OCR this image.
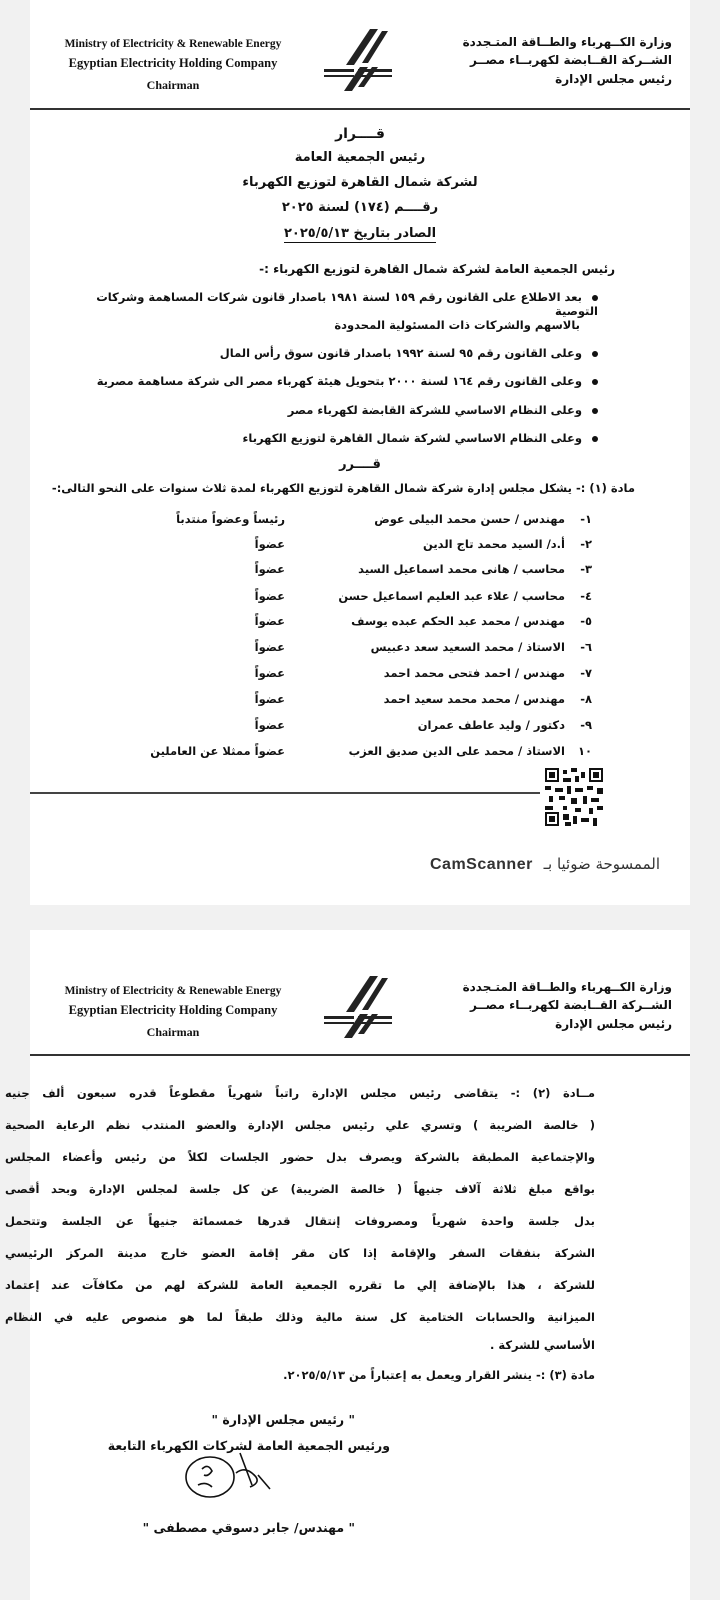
Ministry of Electricity & Renewable Energy
Egyptian Electricity Holding Company
Chairman
وزارة الكــهرباء والطــاقة المتـجددة
الشــركة القــابضة لكهربــاء مصــر
رئيس مجلس الإدارة
قــــرار
رئيس الجمعية العامة
لشركة شمال القاهرة لتوزيع الكهرباء
رقــــم (١٧٤) لسنة ٢٠٢٥
الصادر بتاريخ ٢٠٢٥/٥/١٣
رئيس الجمعية العامة لشركة شمال القاهرة لتوزيع الكهرباء :-
بعد الاطلاع على القانون رقم ١٥٩ لسنة ١٩٨١ باصدار قانون شركات المساهمة وشركات التوصية
بالاسهم والشركات ذات المسئولية المحدودة
وعلى القانون رقم ٩٥ لسنة ١٩٩٢ باصدار قانون سوق رأس المال
وعلى القانون رقم ١٦٤ لسنة ٢٠٠٠ بتحويل هيئة كهرباء مصر الى شركة مساهمة مصرية
وعلى النظام الاساسي للشركة القابضة لكهرباء مصر
وعلى النظام الاساسي لشركة شمال القاهرة لتوزيع الكهرباء
قــــرر
مادة (١) :- يشكل مجلس إدارة شركة شمال القاهرة لتوزيع الكهرباء لمدة ثلاث سنوات على النحو التالى:-
١-
مهندس / حسن محمد البيلى عوض
رئيساً وعضواً منتدباً
٢-
أ.د/ السيد محمد تاج الدين
عضواً
٣-
محاسب / هانى محمد اسماعيل السيد
عضواً
٤-
محاسب / علاء عبد العليم اسماعيل حسن
عضواً
٥-
مهندس / محمد عبد الحكم عبده يوسف
عضواً
٦-
الاستاذ / محمد السعيد سعد دعبيس
عضواً
٧-
مهندس / احمد فتحى محمد احمد
عضواً
٨-
مهندس / محمد محمد سعيد احمد
عضواً
٩-
دكتور / وليد عاطف عمران
عضواً
١٠
الاستاذ / محمد على الدين صديق العزب
عضواً ممثلا عن العاملين
CamScanner الممسوحة ضوئيا بـ
Ministry of Electricity & Renewable Energy
Egyptian Electricity Holding Company
Chairman
وزارة الكــهرباء والطــاقة المتـجددة
الشــركة القــابضة لكهربــاء مصــر
رئيس مجلس الإدارة
مــادة (٢) :- يتقاضى رئيس مجلس الإدارة راتباً شهرياً مقطوعاً قدره سبعون ألف جنيه
( خالصة الضريبة ) وتسري علي رئيس مجلس الإدارة والعضو المنتدب نظم الرعاية الصحية
والإجتماعية المطبقة بالشركة ويصرف بدل حضور الجلسات لكلاً من رئيس وأعضاء المجلس
بواقع مبلغ ثلاثة آلاف جنيهاً ( خالصة الضريبة) عن كل جلسة لمجلس الإدارة وبحد أقصى
بدل جلسة واحدة شهرياً ومصروفات إنتقال قدرها خمسمائة جنيهاً عن الجلسة وتتحمل
الشركة بنفقات السفر والإقامة إذا كان مقر إقامة العضو خارج مدينة المركز الرئيسي
للشركة ، هذا بالإضافة إلي ما تقرره الجمعية العامة للشركة لهم من مكافآت عند إعتماد
الميزانية والحسابات الختامية كل سنة مالية وذلك طبقاً لما هو منصوص عليه في النظام
الأساسي للشركة .
مادة (٣) :- ينشر القرار ويعمل به إعتباراً من ٢٠٢٥/٥/١٣.
" رئيس مجلس الإدارة "
ورئيس الجمعية العامة لشركات الكهرباء التابعة
" مهندس/ جابر دسوقي مصطفى "
